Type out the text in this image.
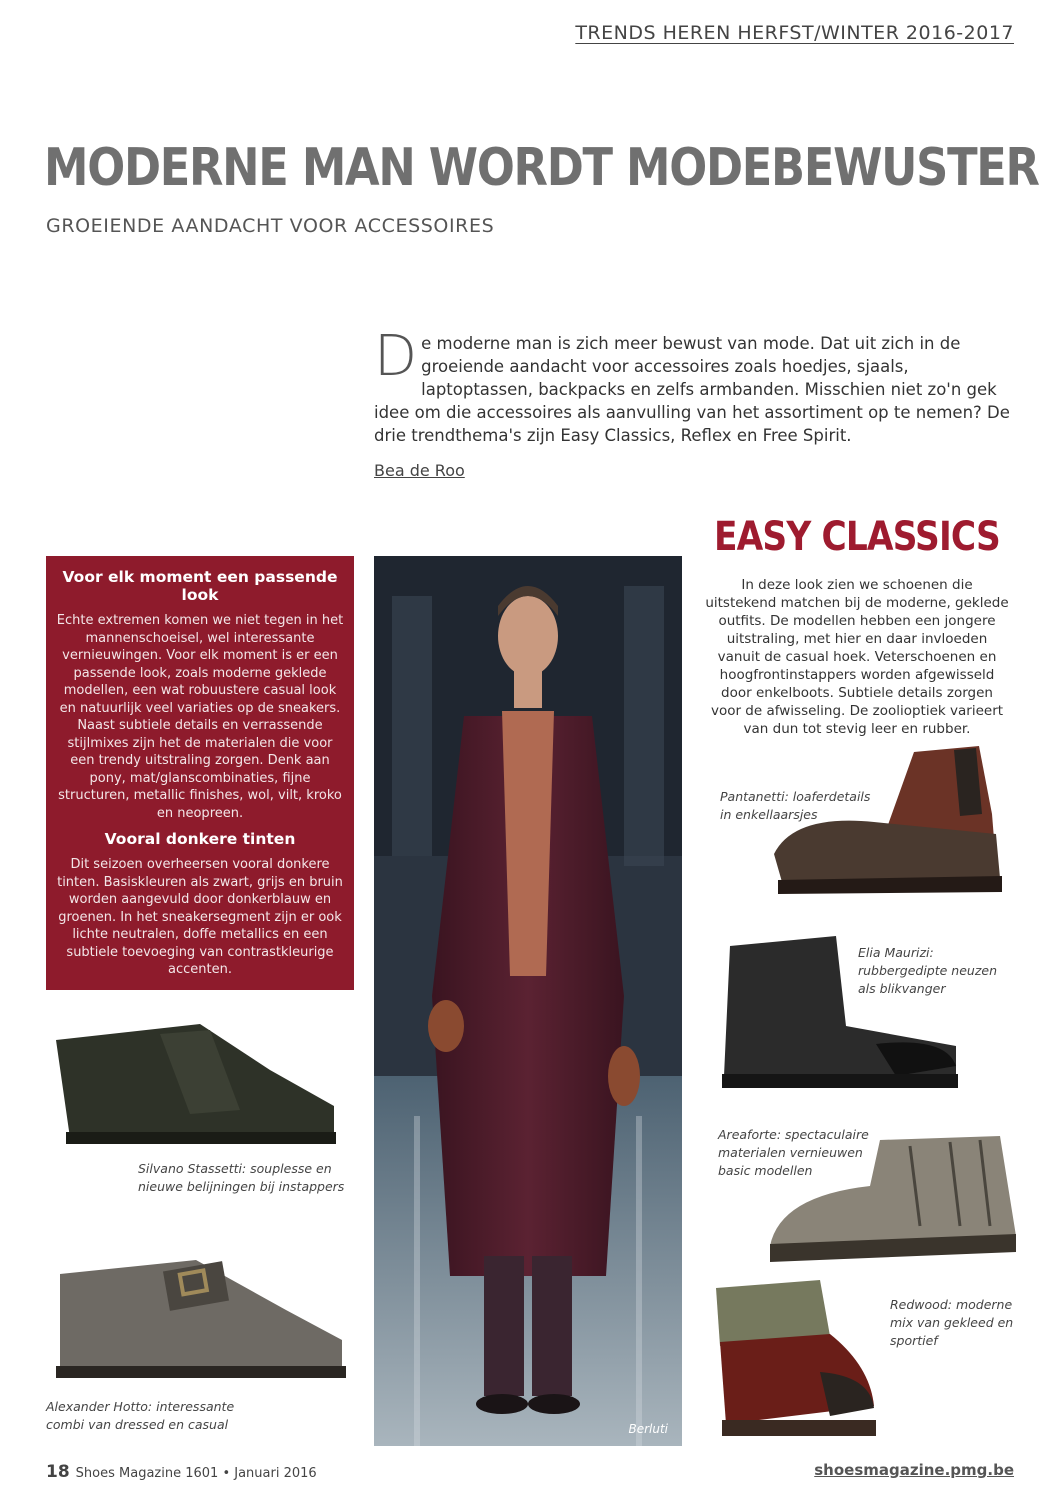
TRENDS HEREN HERFST/WINTER 2016-2017
MODERNE MAN WORDT MODEBEWUSTER
GROEIENDE AANDACHT VOOR ACCESSOIRES
De moderne man is zich meer bewust van mode. Dat uit zich in de groeiende aandacht voor accessoires zoals hoedjes, sjaals, laptoptassen, backpacks en zelfs armbanden. Misschien niet zo'n gek idee om die accessoires als aanvulling van het assortiment op te nemen? De drie trendthema's zijn Easy Classics, Reflex en Free Spirit.
Bea de Roo
Voor elk moment een passende look

Echte extremen komen we niet tegen in het mannenschoeisel, wel interessante vernieuwingen. Voor elk moment is er een passende look, zoals moderne geklede modellen, een wat robuustere casual look en natuurlijk veel variaties op de sneakers. Naast subtiele details en verrassende stijlmixes zijn het de materialen die voor een trendy uitstraling zorgen. Denk aan pony, mat/glanscombinaties, fijne structuren, metallic finishes, wol, vilt, kroko en neopreen.

Vooral donkere tinten

Dit seizoen overheersen vooral donkere tinten. Basiskleuren als zwart, grijs en bruin worden aangevuld door donkerblauw en groenen. In het sneakersegment zijn er ook lichte neutralen, doffe metallics en een subtiele toevoeging van contrastkleurige accenten.

Berluti
EASY CLASSICS
In deze look zien we schoenen die uitstekend matchen bij de moderne, geklede outfits. De modellen hebben een jongere uitstraling, met hier en daar invloeden vanuit de casual hoek. Veterschoenen en hoogfrontinstappers worden afgewisseld door enkelboots. Subtiele details zorgen voor de afwisseling. De zoolioptiek varieert van dun tot stevig leer en rubber.
Pantanetti: loaferdetails in enkellaarsjes
Elia Maurizi: rubbergedipte neuzen als blikvanger
Areaforte: spectaculaire materialen vernieuwen basic modellen
Redwood: moderne mix van gekleed en sportief
Silvano Stassetti: souplesse en nieuwe belijningen bij instappers
Alexander Hotto: interessante combi van dressed en casual
18 Shoes Magazine 1601 • Januari 2016	shoesmagazine.pmg.be
